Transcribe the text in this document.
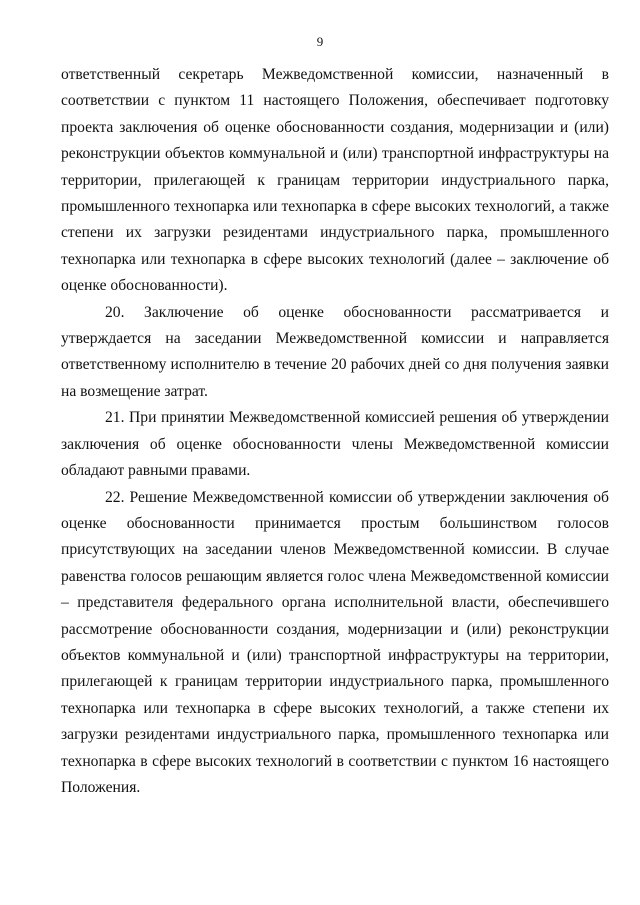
9

ответственный секретарь Межведомственной комиссии, назначенный в соответствии с пунктом 11 настоящего Положения, обеспечивает подготовку проекта заключения об оценке обоснованности создания, модернизации и (или) реконструкции объектов коммунальной и (или) транспортной инфраструктуры на территории, прилегающей к границам территории индустриального парка, промышленного технопарка или технопарка в сфере высоких технологий, а также степени их загрузки резидентами индустриального парка, промышленного технопарка или технопарка в сфере высоких технологий (далее – заключение об оценке обоснованности).

20. Заключение об оценке обоснованности рассматривается и утверждается на заседании Межведомственной комиссии и направляется ответственному исполнителю в течение 20 рабочих дней со дня получения заявки на возмещение затрат.

21. При принятии Межведомственной комиссией решения об утверждении заключения об оценке обоснованности члены Межведомственной комиссии обладают равными правами.

22. Решение Межведомственной комиссии об утверждении заключения об оценке обоснованности принимается простым большинством голосов присутствующих на заседании членов Межведомственной комиссии. В случае равенства голосов решающим является голос члена Межведомственной комиссии – представителя федерального органа исполнительной власти, обеспечившего рассмотрение обоснованности создания, модернизации и (или) реконструкции объектов коммунальной и (или) транспортной инфраструктуры на территории, прилегающей к границам территории индустриального парка, промышленного технопарка или технопарка в сфере высоких технологий, а также степени их загрузки резидентами индустриального парка, промышленного технопарка или технопарка в сфере высоких технологий в соответствии с пунктом 16 настоящего Положения.
